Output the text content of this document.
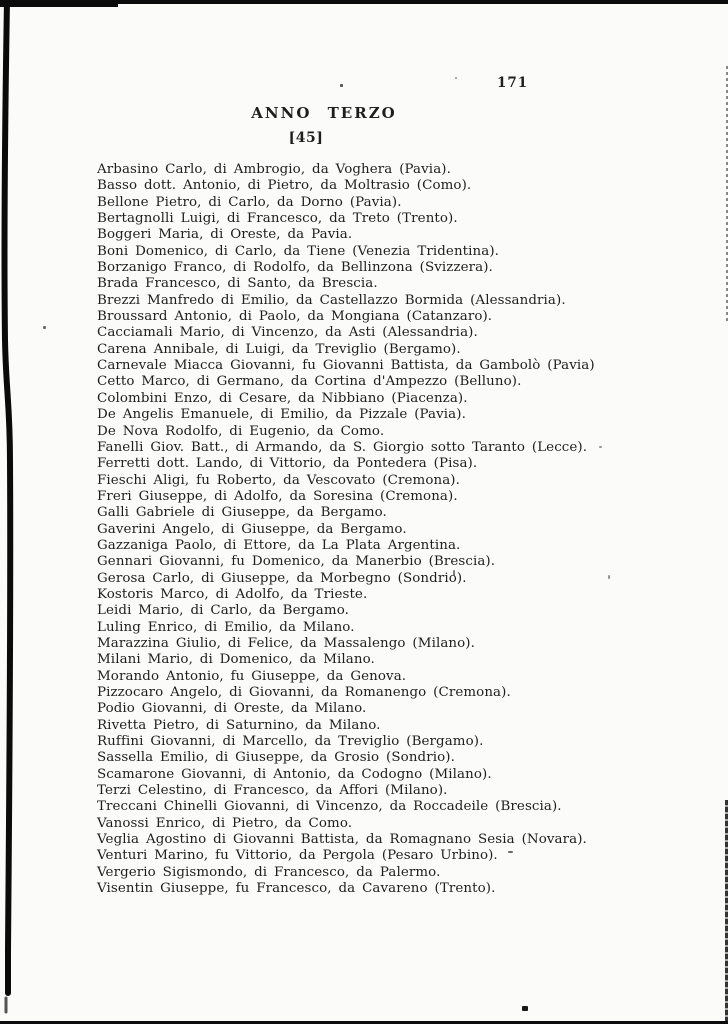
171
ANNO TERZO
[45]
Arbasino Carlo, di Ambrogio, da Voghera (Pavia).
Basso dott. Antonio, di Pietro, da Moltrasio (Como).
Bellone Pietro, di Carlo, da Dorno (Pavia).
Bertagnolli Luigi, di Francesco, da Treto (Trento).
Boggeri Maria, di Oreste, da Pavia.
Boni Domenico, di Carlo, da Tiene (Venezia Tridentina).
Borzanigo Franco, di Rodolfo, da Bellinzona (Svizzera).
Brada Francesco, di Santo, da Brescia.
Brezzi Manfredo di Emilio, da Castellazzo Bormida (Alessandria).
Broussard Antonio, di Paolo, da Mongiana (Catanzaro).
Cacciamali Mario, di Vincenzo, da Asti (Alessandria).
Carena Annibale, di Luigi, da Treviglio (Bergamo).
Carnevale Miacca Giovanni, fu Giovanni Battista, da Gambolò (Pavia)
Cetto Marco, di Germano, da Cortina d'Ampezzo (Belluno).
Colombini Enzo, di Cesare, da Nibbiano (Piacenza).
De Angelis Emanuele, di Emilio, da Pizzale (Pavia).
De Nova Rodolfo, di Eugenio, da Como.
Fanelli Giov. Batt., di Armando, da S. Giorgio sotto Taranto (Lecce).
Ferretti dott. Lando, di Vittorio, da Pontedera (Pisa).
Fieschi Aligi, fu Roberto, da Vescovato (Cremona).
Freri Giuseppe, di Adolfo, da Soresina (Cremona).
Galli Gabriele di Giuseppe, da Bergamo.
Gaverini Angelo, di Giuseppe, da Bergamo.
Gazzaniga Paolo, di Ettore, da La Plata Argentina.
Gennari Giovanni, fu Domenico, da Manerbio (Brescia).
Gerosa Carlo, di Giuseppe, da Morbegno (Sondrio).
Kostoris Marco, di Adolfo, da Trieste.
Leidi Mario, di Carlo, da Bergamo.
Luling Enrico, di Emilio, da Milano.
Marazzina Giulio, di Felice, da Massalengo (Milano).
Milani Mario, di Domenico, da Milano.
Morando Antonio, fu Giuseppe, da Genova.
Pizzocaro Angelo, di Giovanni, da Romanengo (Cremona).
Podio Giovanni, di Oreste, da Milano.
Rivetta Pietro, di Saturnino, da Milano.
Ruffini Giovanni, di Marcello, da Treviglio (Bergamo).
Sassella Emilio, di Giuseppe, da Grosio (Sondrio).
Scamarone Giovanni, di Antonio, da Codogno (Milano).
Terzi Celestino, di Francesco, da Affori (Milano).
Treccani Chinelli Giovanni, di Vincenzo, da Roccadeile (Brescia).
Vanossi Enrico, di Pietro, da Como.
Veglia Agostino di Giovanni Battista, da Romagnano Sesia (Novara).
Venturi Marino, fu Vittorio, da Pergola (Pesaro Urbino).
Vergerio Sigismondo, di Francesco, da Palermo.
Visentin Giuseppe, fu Francesco, da Cavareno (Trento).
